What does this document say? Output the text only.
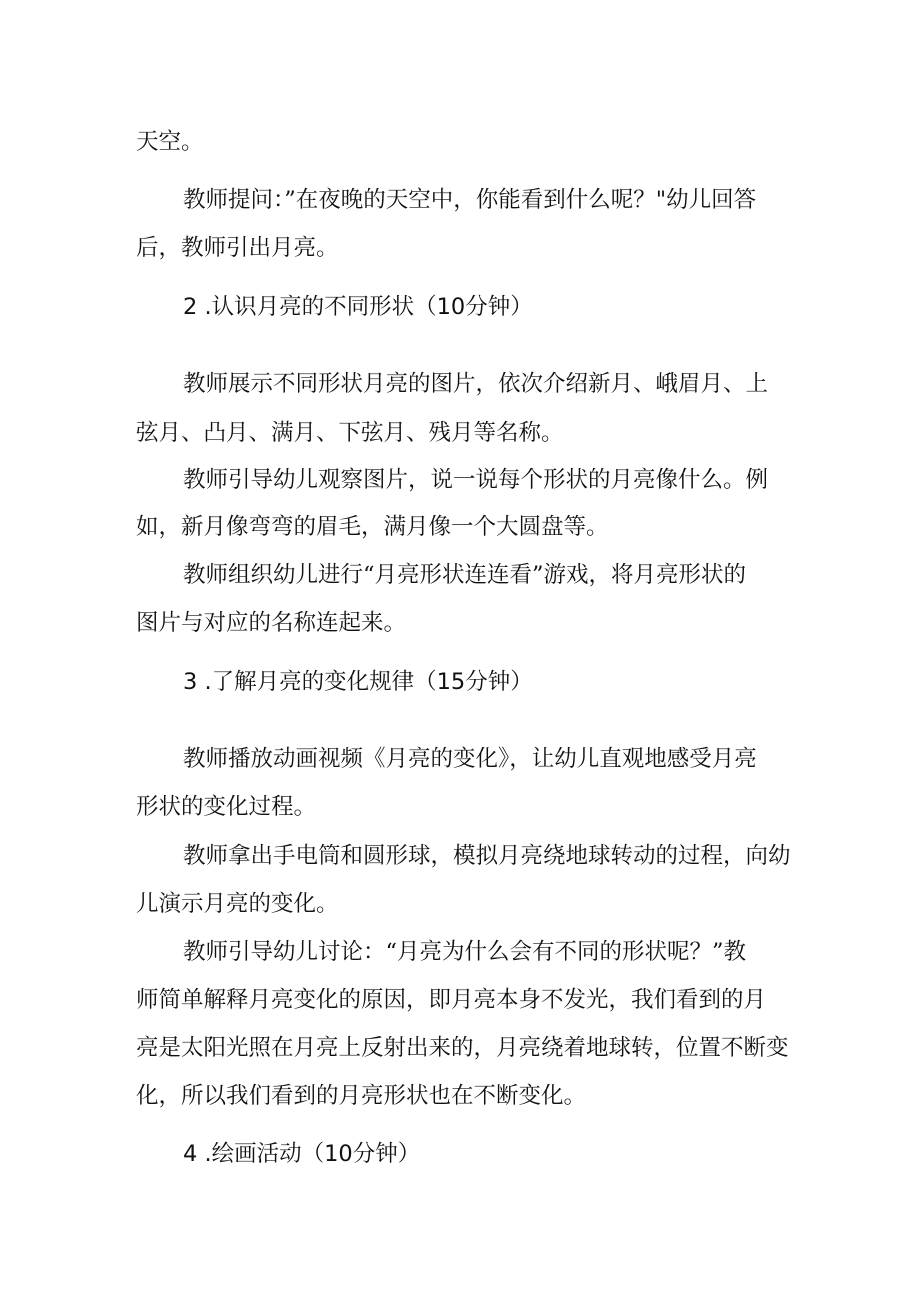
天空。
教师提问：”在夜晚的天空中，你能看到什么呢？"幼儿回答
后，教师引出月亮。
2 .认识月亮的不同形状（10分钟）
教师展示不同形状月亮的图片，依次介绍新月、峨眉月、上
弦月、凸月、满月、下弦月、残月等名称。
教师引导幼儿观察图片，说一说每个形状的月亮像什么。例
如，新月像弯弯的眉毛，满月像一个大圆盘等。
教师组织幼儿进行“月亮形状连连看”游戏，将月亮形状的
图片与对应的名称连起来。
3 .了解月亮的变化规律（15分钟）
教师播放动画视频《月亮的变化》，让幼儿直观地感受月亮
形状的变化过程。
教师拿出手电筒和圆形球，模拟月亮绕地球转动的过程，向幼
儿演示月亮的变化。
教师引导幼儿讨论：“月亮为什么会有不同的形状呢？”教
师简单解释月亮变化的原因，即月亮本身不发光，我们看到的月
亮是太阳光照在月亮上反射出来的，月亮绕着地球转，位置不断变
化，所以我们看到的月亮形状也在不断变化。
4 .绘画活动（10分钟）
